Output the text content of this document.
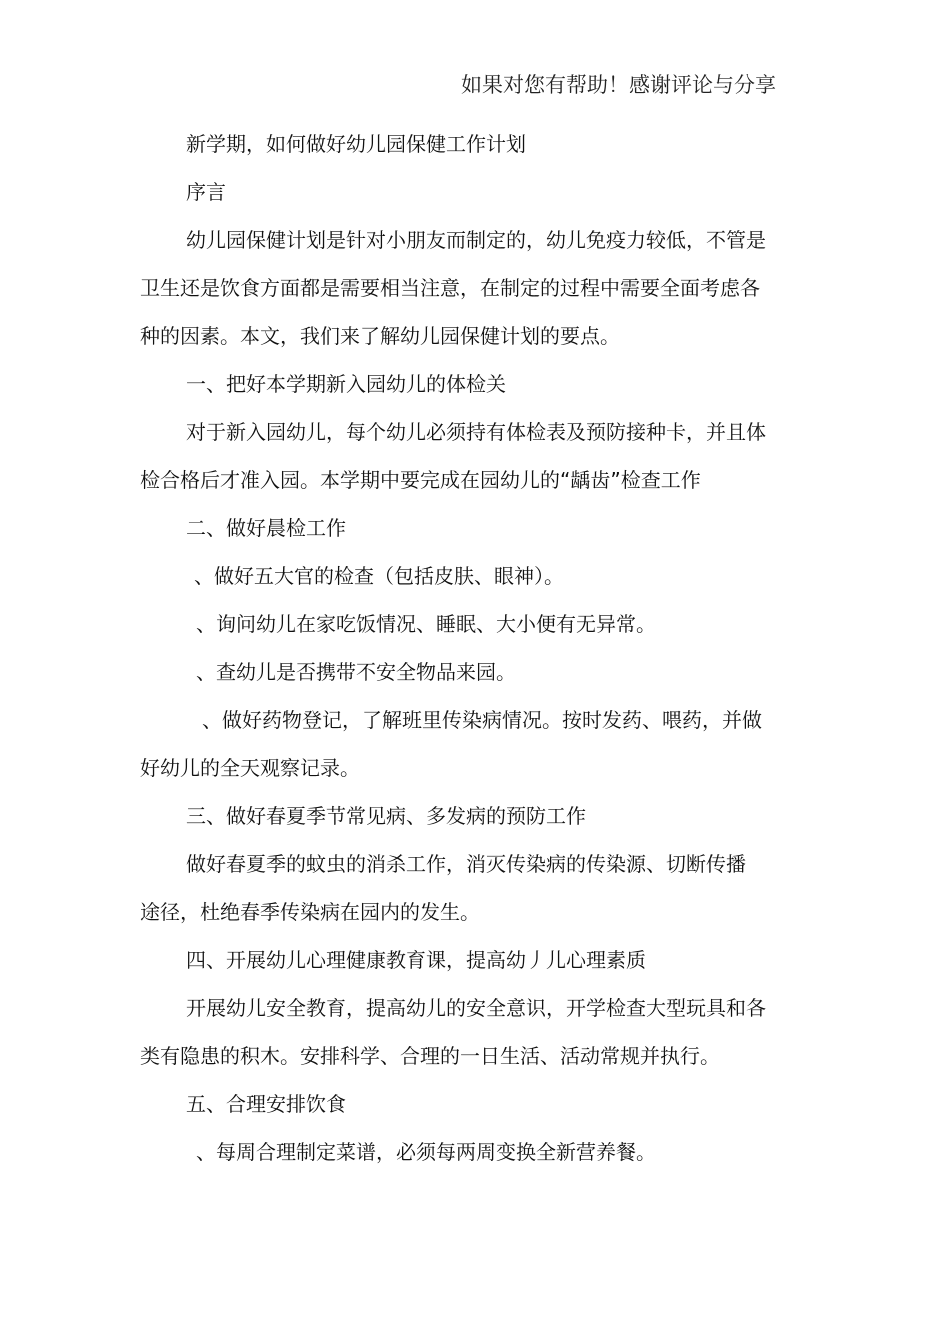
如果对您有帮助！感谢评论与分享

新学期，如何做好幼儿园保健工作计划

序言

幼儿园保健计划是针对小朋友而制定的，幼儿免疫力较低，不管是

卫生还是饮食方面都是需要相当注意，在制定的过程中需要全面考虑各

种的因素。本文，我们来了解幼儿园保健计划的要点。

一、把好本学期新入园幼儿的体检关

对于新入园幼儿，每个幼儿必须持有体检表及预防接种卡，并且体

检合格后才准入园。本学期中要完成在园幼儿的“龋齿”检查工作

二、做好晨检工作

、做好五大官的检查（包括皮肤、眼神）。

、询问幼儿在家吃饭情况、睡眠、大小便有无异常。

、查幼儿是否携带不安全物品来园。

、做好药物登记，了解班里传染病情况。按时发药、喂药，并做

好幼儿的全天观察记录。

三、做好春夏季节常见病、多发病的预防工作

做好春夏季的蚊虫的消杀工作，消灭传染病的传染源、切断传播

途径，杜绝春季传染病在园内的发生。

四、开展幼儿心理健康教育课，提高幼丿儿心理素质

开展幼儿安全教育，提高幼儿的安全意识，开学检查大型玩具和各

类有隐患的积木。安排科学、合理的一日生活、活动常规并执行。

五、合理安排饮食

、每周合理制定菜谱，必须每两周变换全新营养餐。
